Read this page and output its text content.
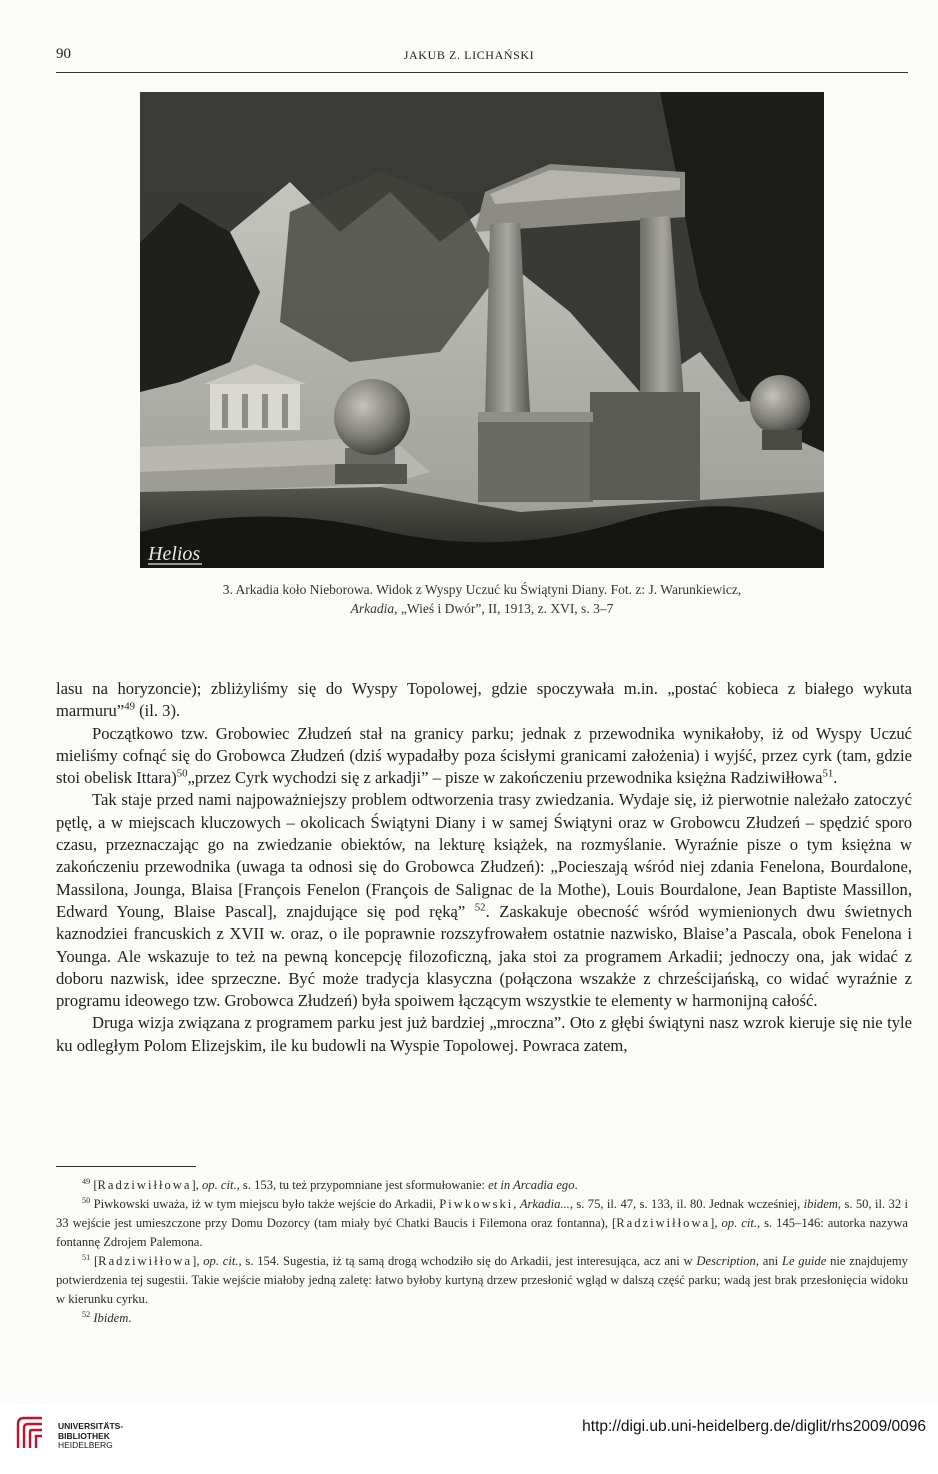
90	JAKUB Z. LICHAŃSKI
Helios
3. Arkadia koło Nieborowa. Widok z Wyspy Uczuć ku Świątyni Diany. Fot. z: J. Warunkiewicz,
Arkadia, „Wieś i Dwór”, II, 1913, z. XVI, s. 3–7

lasu na horyzoncie); zbliżyliśmy się do Wyspy Topolowej, gdzie spoczywała m.in. „postać kobieca z białego wykuta marmuru”$^{49}$ (il. 3).

Początkowo tzw. Grobowiec Złudzeń stał na granicy parku; jednak z przewodnika wynikałoby, iż od Wyspy Uczuć mieliśmy cofnąć się do Grobowca Złudzeń (dziś wypadałby poza ścisłymi granicami założenia) i wyjść, przez cyrk (tam, gdzie stoi obelisk Ittara)$^{50}$„przez Cyrk wychodzi się z arkadji” – pisze w zakończeniu przewodnika księżna Radziwiłłowa$^{51}$.

Tak staje przed nami najpoważniejszy problem odtworzenia trasy zwiedzania. Wydaje się, iż pierwotnie należało zatoczyć pętlę, a w miejscach kluczowych – okolicach Świątyni Diany i w samej Świątyni oraz w Grobowcu Złudzeń – spędzić sporo czasu, przeznaczając go na zwiedzanie obiektów, na lekturę książek, na rozmyślanie. Wyraźnie pisze o tym księżna w zakończeniu przewodnika (uwaga ta odnosi się do Grobowca Złudzeń): „Pocieszają wśród niej zdania Fenelona, Bourdalone, Massilona, Jounga, Blaisa [François Fenelon (François de Salignac de la Mothe), Louis Bourdalone, Jean Baptiste Massillon, Edward Young, Blaise Pascal], znajdujące się pod ręką” $^{52}$. Zaskakuje obecność wśród wymienionych dwu świetnych kaznodziei francuskich z XVII w. oraz, o ile poprawnie rozszyfrowałem ostatnie nazwisko, Blaise’a Pascala, obok Fenelona i Younga. Ale wskazuje to też na pewną koncepcję filozoficzną, jaka stoi za programem Arkadii; jednoczy ona, jak widać z doboru nazwisk, idee sprzeczne. Być może tradycja klasyczna (połączona wszakże z chrześcijańską, co widać wyraźnie z programu ideowego tzw. Grobowca Złudzeń) była spoiwem łączącym wszystkie te elementy w harmonijną całość.

Druga wizja związana z programem parku jest już bardziej „mroczna”. Oto z głębi świątyni nasz wzrok kieruje się nie tyle ku odległym Polom Elizejskim, ile ku budowli na Wyspie Topolowej. Powraca zatem,

$^{49}$ [Radziwiłłowa], op. cit., s. 153, tu też przypomniane jest sformułowanie: et in Arcadia ego.

$^{50}$ Piwkowski uważa, iż w tym miejscu było także wejście do Arkadii, Piwkowski, Arkadia..., s. 75, il. 47, s. 133, il. 80. Jednak wcześniej, ibidem, s. 50, il. 32 i 33 wejście jest umieszczone przy Domu Dozorcy (tam miały być Chatki Baucis i Filemona oraz fontanna), [Radziwiłłowa], op. cit., s. 145–146: autorka nazywa fontannę Zdrojem Palemona.

$^{51}$ [Radziwiłłowa], op. cit., s. 154. Sugestia, iż tą samą drogą wchodziło się do Arkadii, jest interesująca, acz ani w Description, ani Le guide nie znajdujemy potwierdzenia tej sugestii. Takie wejście miałoby jedną zaletę: łatwo byłoby kurtyną drzew przesłonić wgląd w dalszą część parku; wadą jest brak przesłonięcia widoku w kierunku cyrku.

$^{52}$ Ibidem.

UNIVERSITÄTS-
BIBLIOTHEK
HEIDELBERG
http://digi.ub.uni-heidelberg.de/diglit/rhs2009/0096
